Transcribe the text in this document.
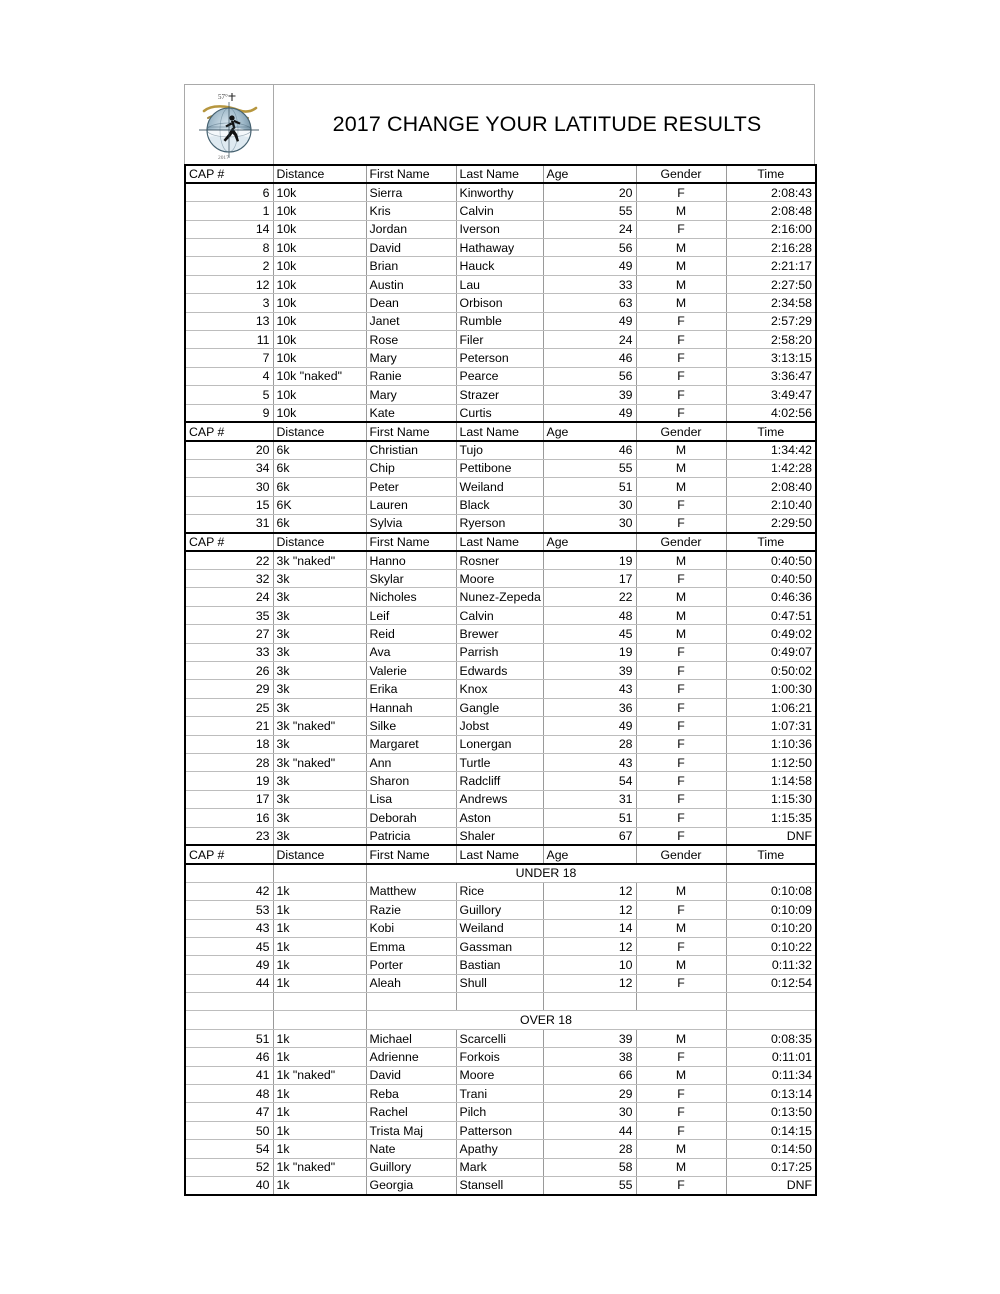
57°
2017
2017 CHANGE YOUR LATITUDE RESULTS
CAP #	Distance	First Name	Last Name	Age	Gender	Time
6	10k	Sierra	Kinworthy	20	F	2:08:43
1	10k	Kris	Calvin	55	M	2:08:48
14	10k	Jordan	Iverson	24	F	2:16:00
8	10k	David	Hathaway	56	M	2:16:28
2	10k	Brian	Hauck	49	M	2:21:17
12	10k	Austin	Lau	33	M	2:27:50
3	10k	Dean	Orbison	63	M	2:34:58
13	10k	Janet	Rumble	49	F	2:57:29
11	10k	Rose	Filer	24	F	2:58:20
7	10k	Mary	Peterson	46	F	3:13:15
4	10k "naked"	Ranie	Pearce	56	F	3:36:47
5	10k	Mary	Strazer	39	F	3:49:47
9	10k	Kate	Curtis	49	F	4:02:56
CAP #	Distance	First Name	Last Name	Age	Gender	Time
20	6k	Christian	Tujo	46	M	1:34:42
34	6k	Chip	Pettibone	55	M	1:42:28
30	6k	Peter	Weiland	51	M	2:08:40
15	6K	Lauren	Black	30	F	2:10:40
31	6k	Sylvia	Ryerson	30	F	2:29:50
CAP #	Distance	First Name	Last Name	Age	Gender	Time
22	3k "naked"	Hanno	Rosner	19	M	0:40:50
32	3k	Skylar	Moore	17	F	0:40:50
24	3k	Nicholes	Nunez-Zepeda	22	M	0:46:36
35	3k	Leif	Calvin	48	M	0:47:51
27	3k	Reid	Brewer	45	M	0:49:02
33	3k	Ava	Parrish	19	F	0:49:07
26	3k	Valerie	Edwards	39	F	0:50:02
29	3k	Erika	Knox	43	F	1:00:30
25	3k	Hannah	Gangle	36	F	1:06:21
21	3k "naked"	Silke	Jobst	49	F	1:07:31
18	3k	Margaret	Lonergan	28	F	1:10:36
28	3k "naked"	Ann	Turtle	43	F	1:12:50
19	3k	Sharon	Radcliff	54	F	1:14:58
17	3k	Lisa	Andrews	31	F	1:15:30
16	3k	Deborah	Aston	51	F	1:15:35
23	3k	Patricia	Shaler	67	F	DNF
CAP #	Distance	First Name	Last Name	Age	Gender	Time
		UNDER 18				
42	1k	Matthew	Rice	12	M	0:10:08
53	1k	Razie	Guillory	12	F	0:10:09
43	1k	Kobi	Weiland	14	M	0:10:20
45	1k	Emma	Gassman	12	F	0:10:22
49	1k	Porter	Bastian	10	M	0:11:32
44	1k	Aleah	Shull	12	F	0:12:54

		OVER 18				
51	1k	Michael	Scarcelli	39	M	0:08:35
46	1k	Adrienne	Forkois	38	F	0:11:01
41	1k "naked"	David	Moore	66	M	0:11:34
48	1k	Reba	Trani	29	F	0:13:14
47	1k	Rachel	Pilch	30	F	0:13:50
50	1k	Trista Maj	Patterson	44	F	0:14:15
54	1k	Nate	Apathy	28	M	0:14:50
52	1k "naked"	Guillory	Mark	58	M	0:17:25
40	1k	Georgia	Stansell	55	F	DNF
